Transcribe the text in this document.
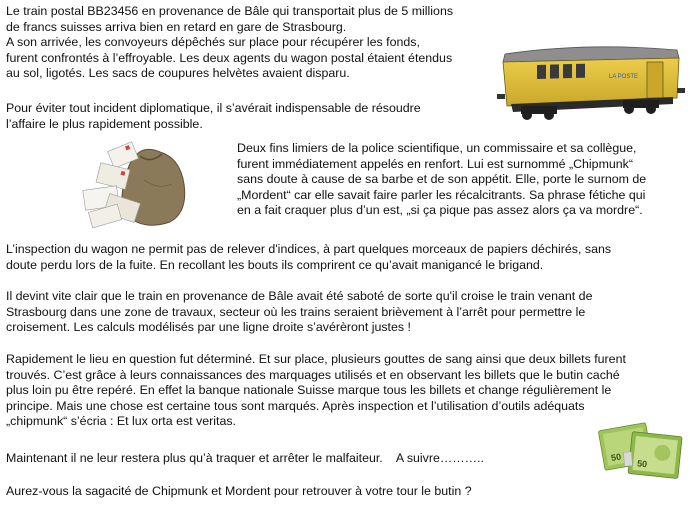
Le train postal BB23456 en provenance de Bâle qui transportait plus de 5 millions
de francs suisses arriva bien en retard en gare de Strasbourg.
A son arrivée, les convoyeurs dépêchés sur place pour récupérer les fonds,
furent confrontés à l’effroyable. Les deux agents du wagon postal étaient étendus
au sol, ligotés. Les sacs de coupures helvètes avaient disparu.
Pour éviter tout incident diplomatique, il s’avérait indispensable de résoudre
l’affaire le plus rapidement possible.
Deux fins limiers de la police scientifique, un commissaire et sa collègue,
furent immédiatement appelés en renfort. Lui est surnommé „Chipmunk“
sans doute à cause de sa barbe et de son appétit. Elle, porte le surnom de
„Mordent“ car elle savait faire parler les récalcitrants. Sa phrase fétiche qui
en a fait craquer plus d’un est, „si ça pique pas assez alors ça va mordre“.
L’inspection du wagon ne permit pas de relever d'indices, à part quelques morceaux de papiers déchirés, sans
doute perdu lors de la fuite. En recollant les bouts ils comprirent ce qu’avait manigancé le brigand.
Il devint vite clair que le train en provenance de Bâle avait été saboté de sorte qu'il croise le train venant de
Strasbourg dans une zone de travaux, secteur où les trains seraient brièvement à l’arrêt pour permettre le
croisement. Les calculs modélisés par une ligne droite s’avérèront justes !
Rapidement le lieu en question fut déterminé. Et sur place, plusieurs gouttes de sang ainsi que deux billets furent
trouvés. C’est grâce à leurs connaissances des marquages utilisés et en observant les billets que le butin caché
plus loin pu être repéré. En effet la banque nationale Suisse marque tous les billets et change régulièrement le
principe. Mais une chose est certaine tous sont marqués. Après inspection et l’utilisation d’outils adéquats
„chipmunk“ s’écria : Et lux orta est veritas.
Maintenant il ne leur restera plus qu’à traquer et arrêter le malfaiteur.    A suivre………..
Aurez-vous la sagacité de Chipmunk et Mordent pour retrouver à votre tour le butin ?
LA POSTE
50
50
